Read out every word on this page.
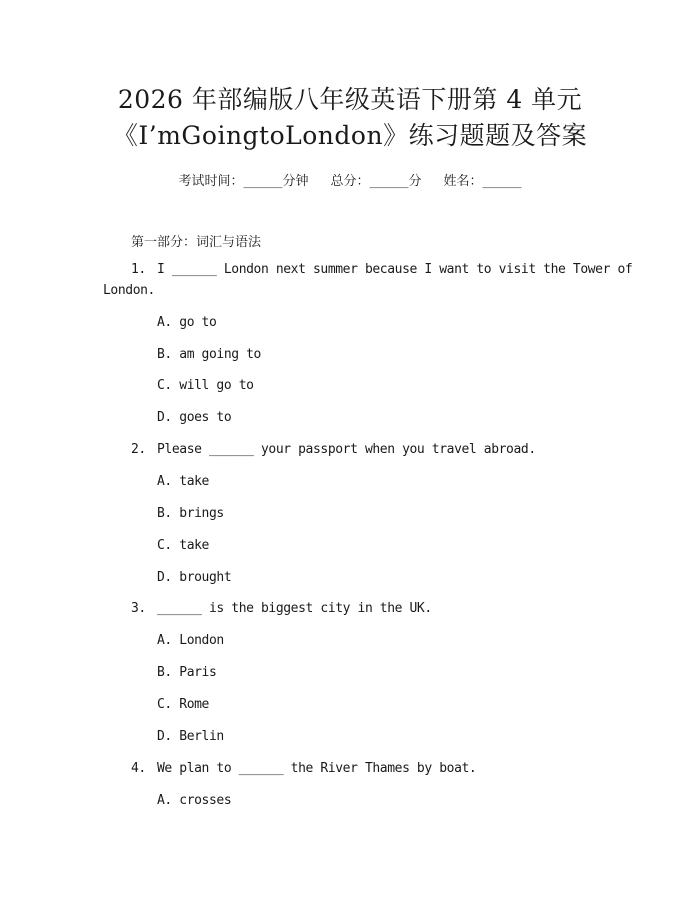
2026 年部编版八年级英语下册第 4 单元
《I’mGoingtoLondon》练习题题及答案
考试时间：______分钟 总分：______分 姓名：______
第一部分：词汇与语法
1. I ______ London next summer because I want to visit the Tower of
London.
A. go to
B. am going to
C. will go to
D. goes to
2. Please ______ your passport when you travel abroad.
A. take
B. brings
C. take
D. brought
3. ______ is the biggest city in the UK.
A. London
B. Paris
C. Rome
D. Berlin
4. We plan to ______ the River Thames by boat.
A. crosses
